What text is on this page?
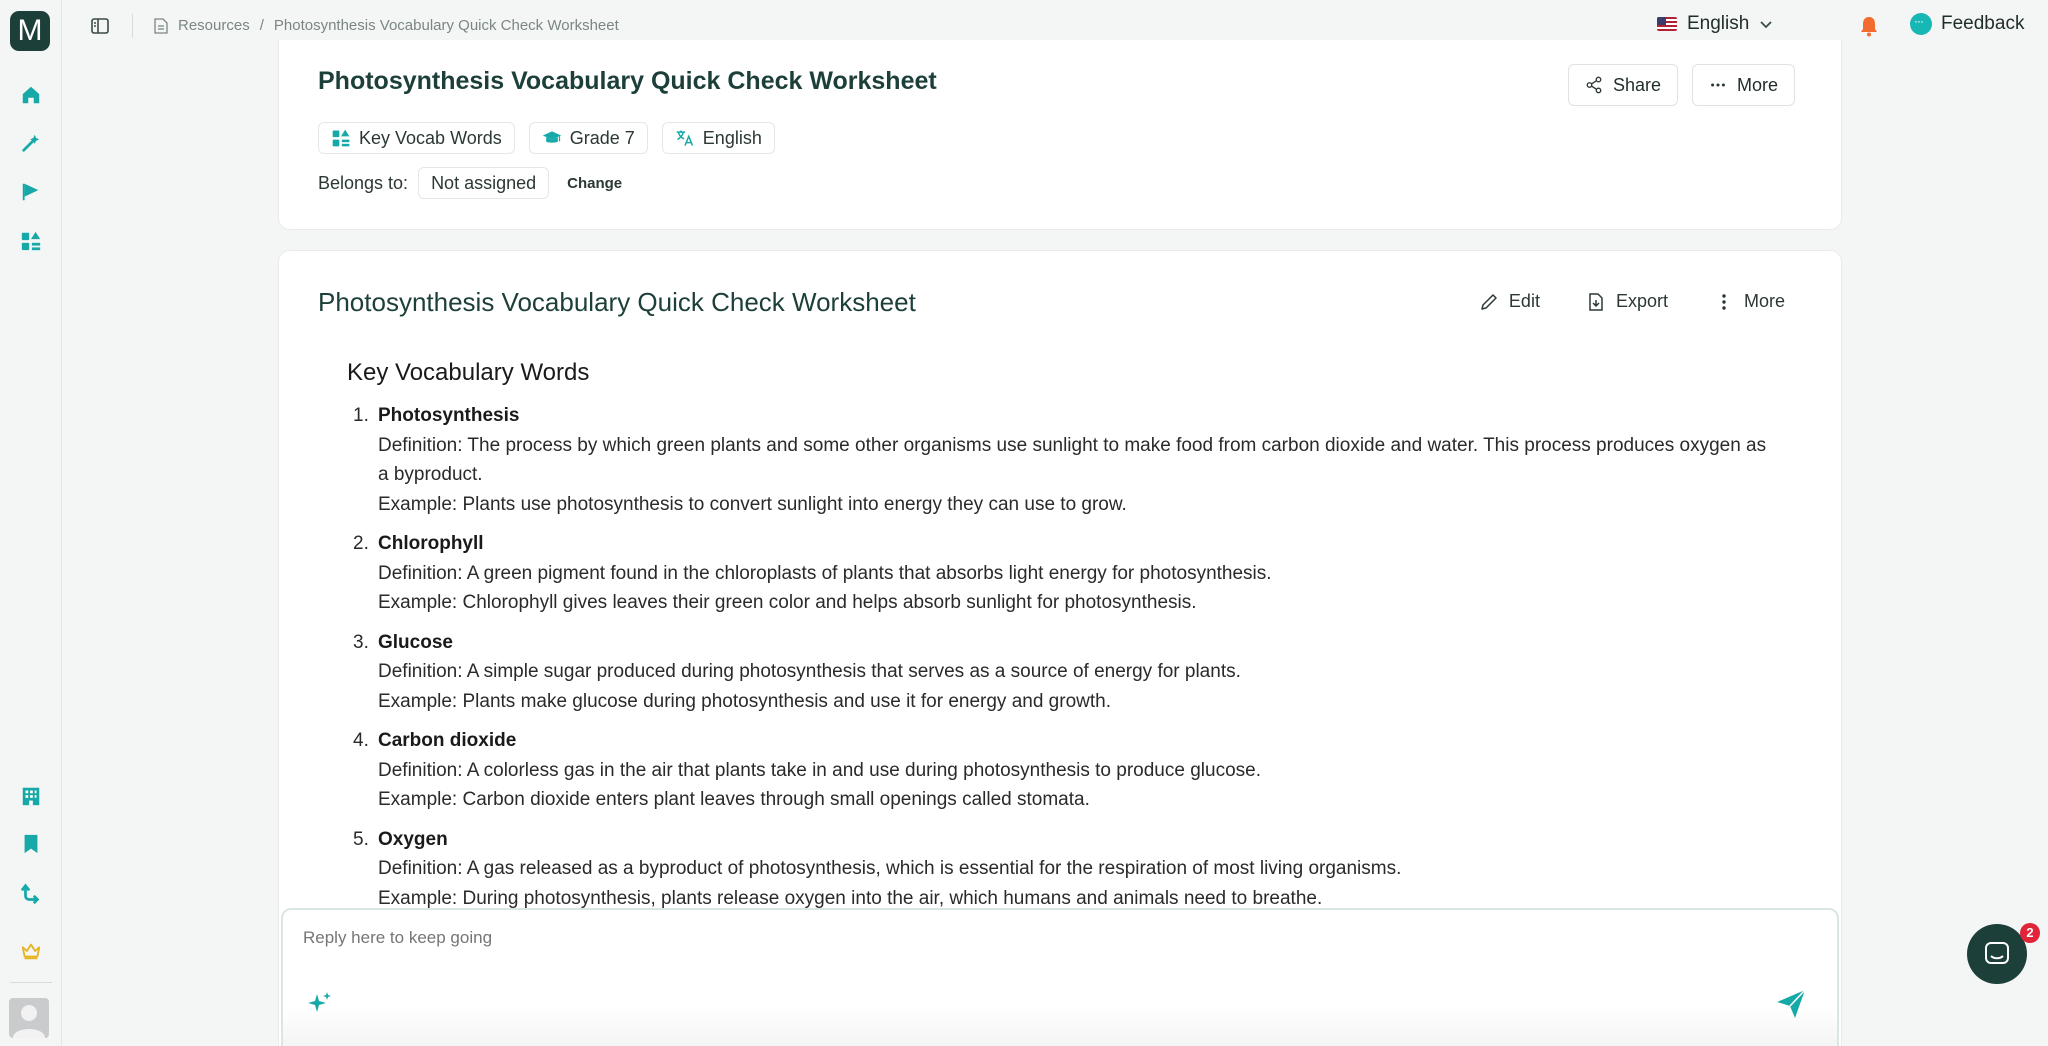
M	Resources / Photosynthesis Vocabulary Quick Check Worksheet	English
···	Feedback
Photosynthesis Vocabulary Quick Check Worksheet	Share	More
Key Vocab Words	Grade 7	English
Belongs to:	Not assigned	Change
Photosynthesis Vocabulary Quick Check Worksheet	Edit	Export	More
Key Vocabulary Words
1. Photosynthesis
Definition: The process by which green plants and some other organisms use sunlight to make food from carbon dioxide and water. This process produces oxygen as a byproduct.
Example: Plants use photosynthesis to convert sunlight into energy they can use to grow.
2. Chlorophyll
Definition: A green pigment found in the chloroplasts of plants that absorbs light energy for photosynthesis.
Example: Chlorophyll gives leaves their green color and helps absorb sunlight for photosynthesis.
3. Glucose
Definition: A simple sugar produced during photosynthesis that serves as a source of energy for plants.
Example: Plants make glucose during photosynthesis and use it for energy and growth.
4. Carbon dioxide
Definition: A colorless gas in the air that plants take in and use during photosynthesis to produce glucose.
Example: Carbon dioxide enters plant leaves through small openings called stomata.
5. Oxygen
Definition: A gas released as a byproduct of photosynthesis, which is essential for the respiration of most living organisms.
Example: During photosynthesis, plants release oxygen into the air, which humans and animals need to breathe.
Reply here to keep going
2
